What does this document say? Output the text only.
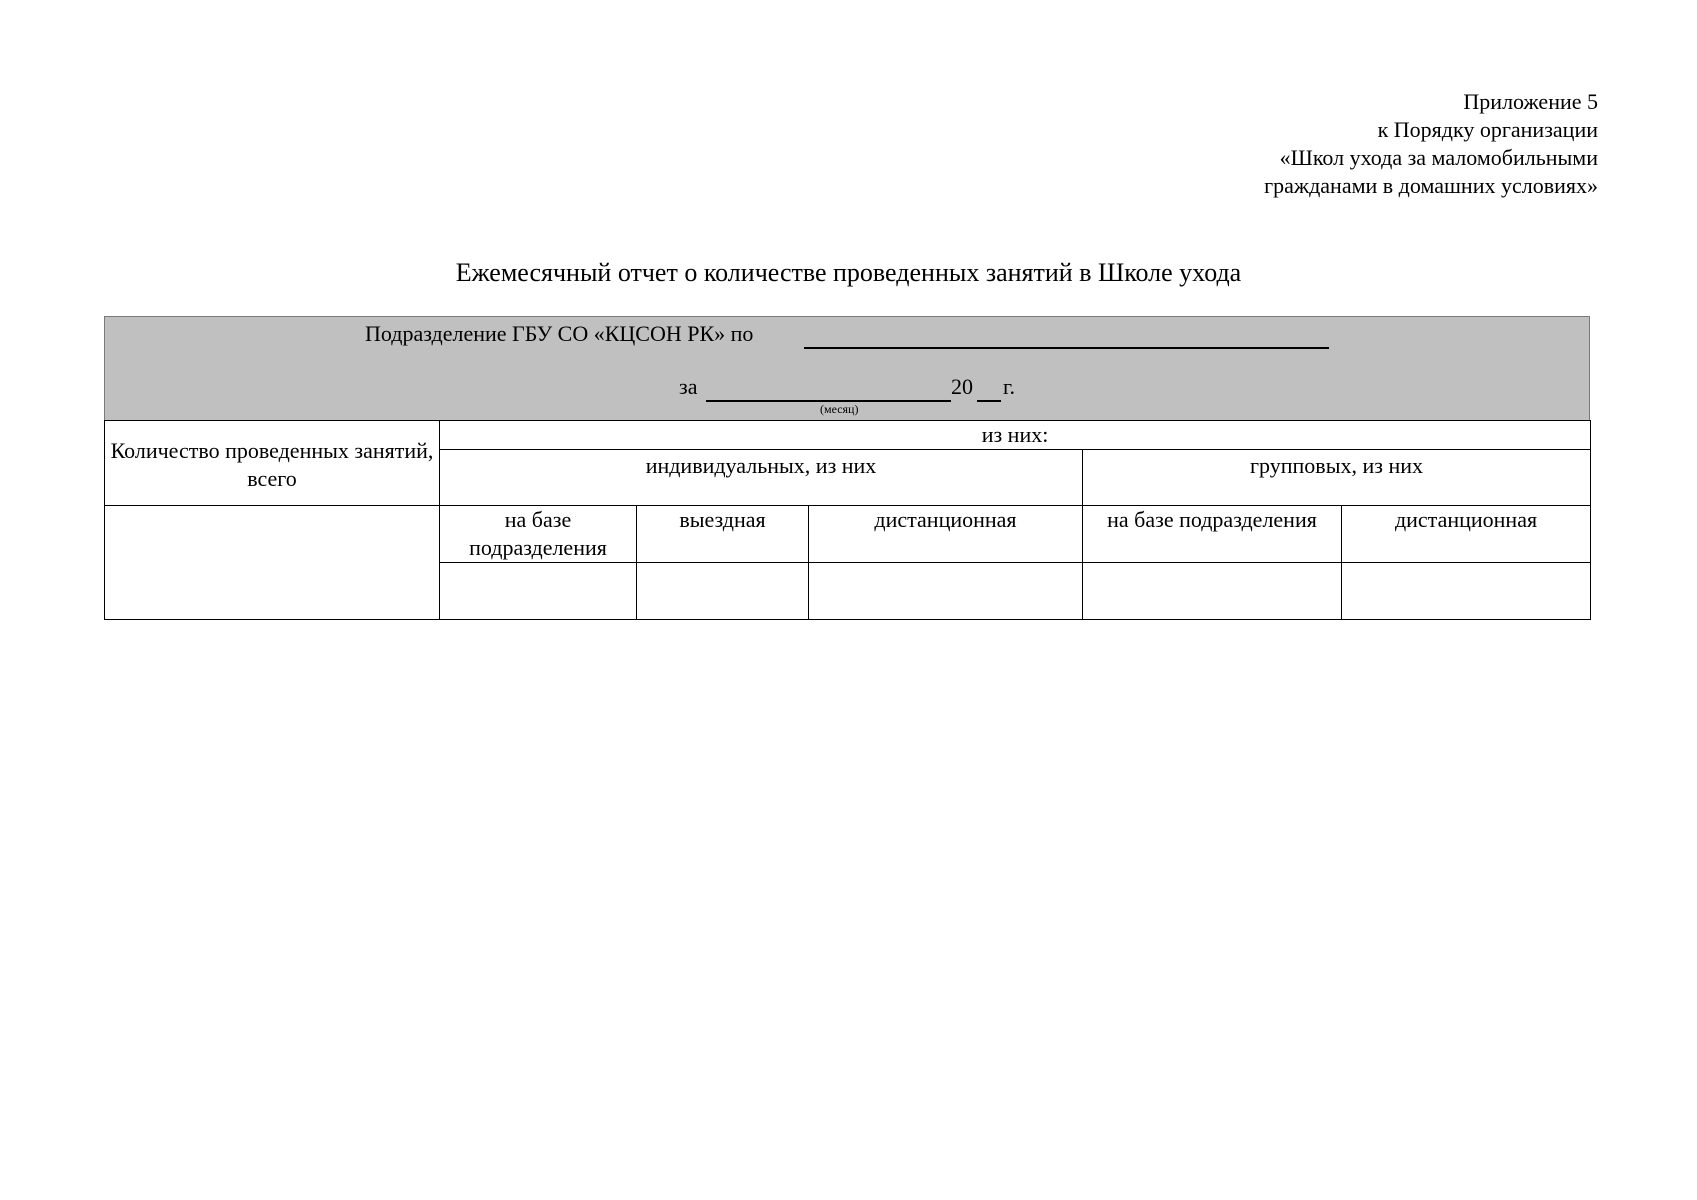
Приложение 5
к Порядку организации
«Школ ухода за маломобильными
гражданами в домашних условиях»
Ежемесячный отчет о количестве проведенных занятий в Школе ухода
Подразделение ГБУ СО «КЦСОН РК» по
за	20 г.
(месяц)
Количество проведенных занятий, всего	из них:				
	индивидуальных, из них			групповых, из них	
	на базе подразделения	выездная	дистанционная	на базе подразделения	дистанционная
